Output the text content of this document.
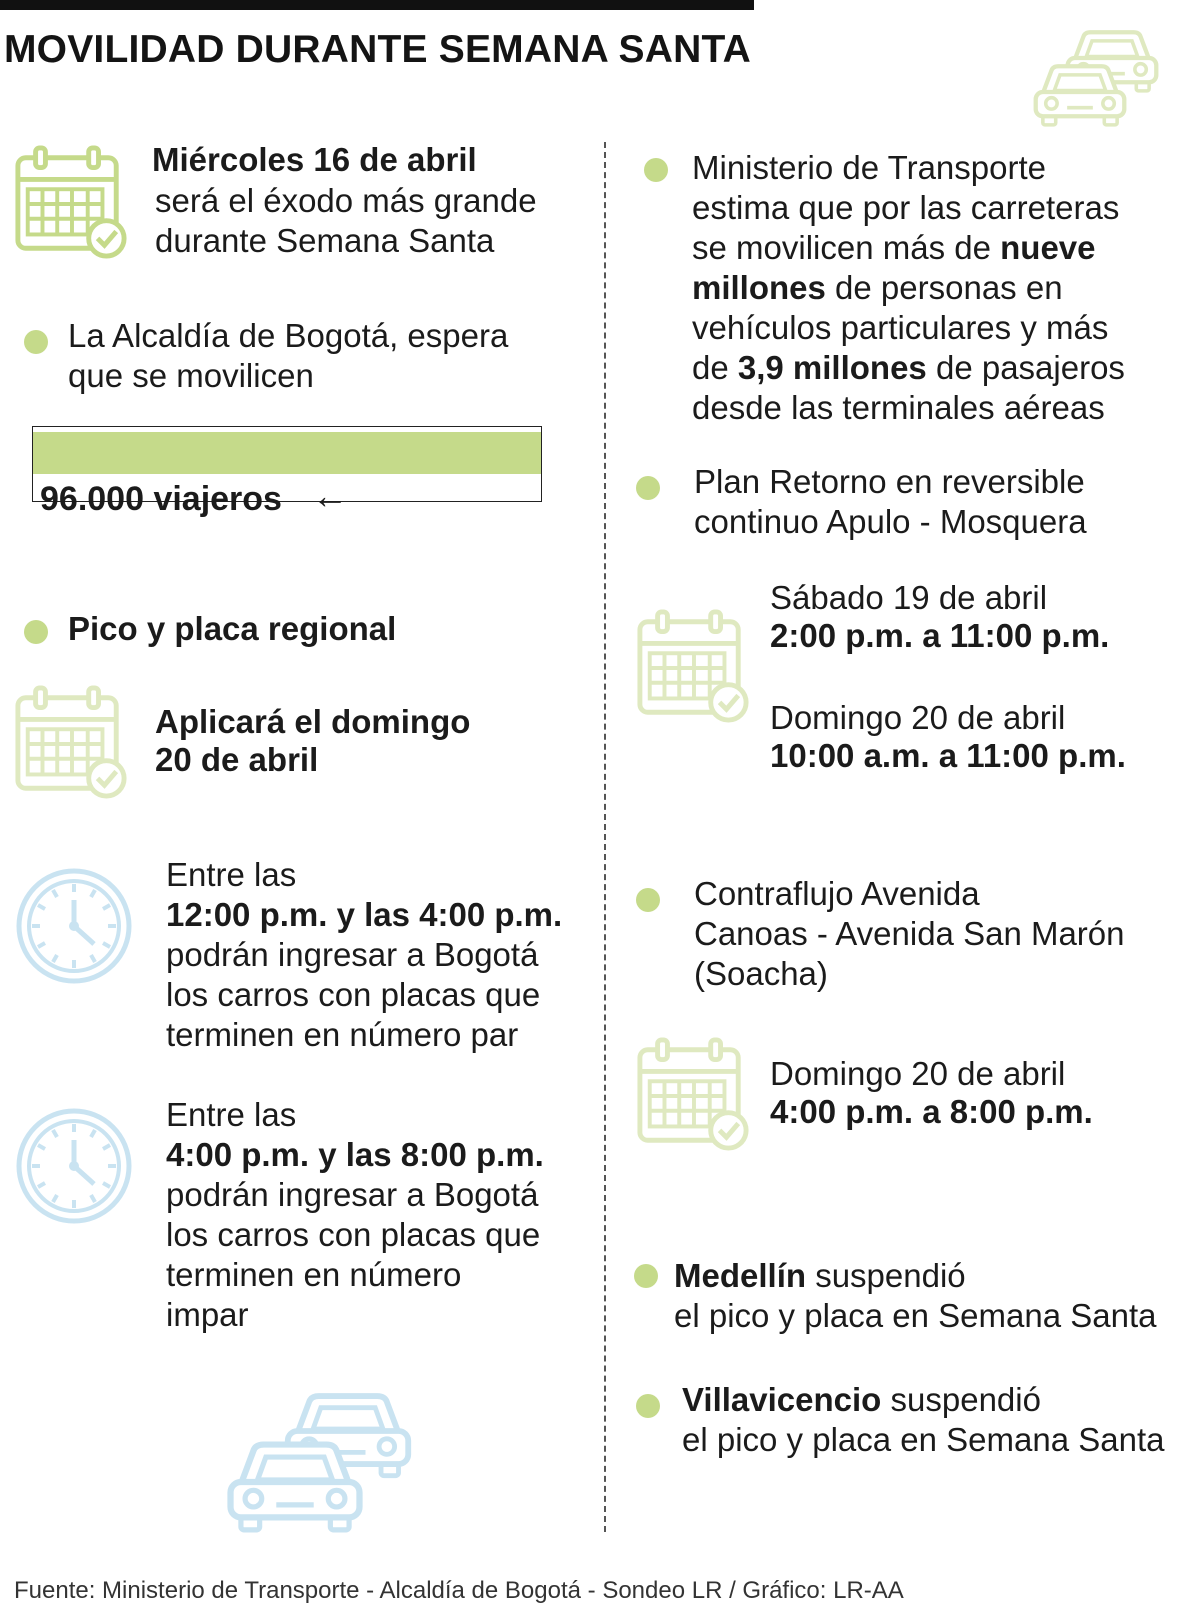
MOVILIDAD DURANTE SEMANA SANTA
Miércoles 16 de abril
será el éxodo más grande
durante Semana Santa
La Alcaldía de Bogotá, espera
que se movilicen
96.000 viajeros ←
Pico y placa regional
Aplicará el domingo
20 de abril
Entre las
12:00 p.m. y las 4:00 p.m.
podrán ingresar a Bogotá
los carros con placas que
terminen en número par
Entre las
4:00 p.m. y las 8:00 p.m.
podrán ingresar a Bogotá
los carros con placas que
terminen en número
impar
Ministerio de Transporte
estima que por las carreteras
se movilicen más de nueve
millones de personas en
vehículos particulares y más
de 3,9 millones de pasajeros
desde las terminales aéreas
Plan Retorno en reversible
continuo Apulo - Mosquera
Sábado 19 de abril
2:00 p.m. a 11:00 p.m.
Domingo 20 de abril
10:00 a.m. a 11:00 p.m.
Contraflujo Avenida
Canoas - Avenida San Marón
(Soacha)
Domingo 20 de abril
4:00 p.m. a 8:00 p.m.
Medellín suspendió
el pico y placa en Semana Santa
Villavicencio suspendió
el pico y placa en Semana Santa
Fuente: Ministerio de Transporte - Alcaldía de Bogotá - Sondeo LR / Gráfico: LR-AA
